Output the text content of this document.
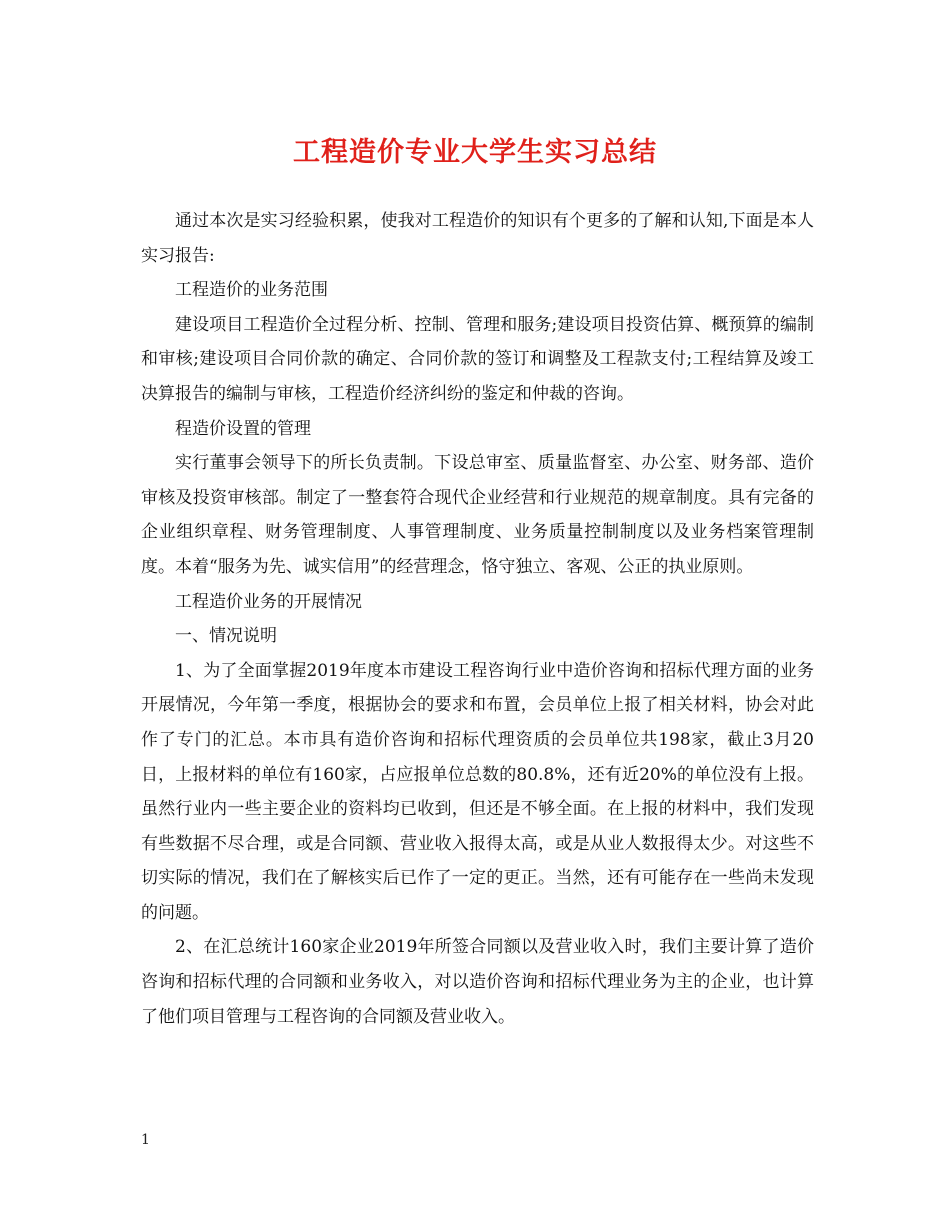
工程造价专业大学生实习总结

通过本次是实习经验积累，使我对工程造价的知识有个更多的了解和认知,下面是本人实习报告:

工程造价的业务范围

建设项目工程造价全过程分析、控制、管理和服务;建设项目投资估算、概预算的编制和审核;建设项目合同价款的确定、合同价款的签订和调整及工程款支付;工程结算及竣工决算报告的编制与审核，工程造价经济纠纷的鉴定和仲裁的咨询。

程造价设置的管理

实行董事会领导下的所长负责制。下设总审室、质量监督室、办公室、财务部、造价审核及投资审核部。制定了一整套符合现代企业经营和行业规范的规章制度。具有完备的企业组织章程、财务管理制度、人事管理制度、业务质量控制制度以及业务档案管理制度。本着“服务为先、诚实信用”的经营理念，恪守独立、客观、公正的执业原则。

工程造价业务的开展情况

一、情况说明

1、为了全面掌握2019年度本市建设工程咨询行业中造价咨询和招标代理方面的业务开展情况，今年第一季度，根据协会的要求和布置，会员单位上报了相关材料，协会对此作了专门的汇总。本市具有造价咨询和招标代理资质的会员单位共198家，截止3月20日，上报材料的单位有160家，占应报单位总数的80.8%，还有近20%的单位没有上报。虽然行业内一些主要企业的资料均已收到，但还是不够全面。在上报的材料中，我们发现有些数据不尽合理，或是合同额、营业收入报得太高，或是从业人数报得太少。对这些不切实际的情况，我们在了解核实后已作了一定的更正。当然，还有可能存在一些尚未发现的问题。

2、在汇总统计160家企业2019年所签合同额以及营业收入时，我们主要计算了造价咨询和招标代理的合同额和业务收入，对以造价咨询和招标代理业务为主的企业，也计算了他们项目管理与工程咨询的合同额及营业收入。

1
